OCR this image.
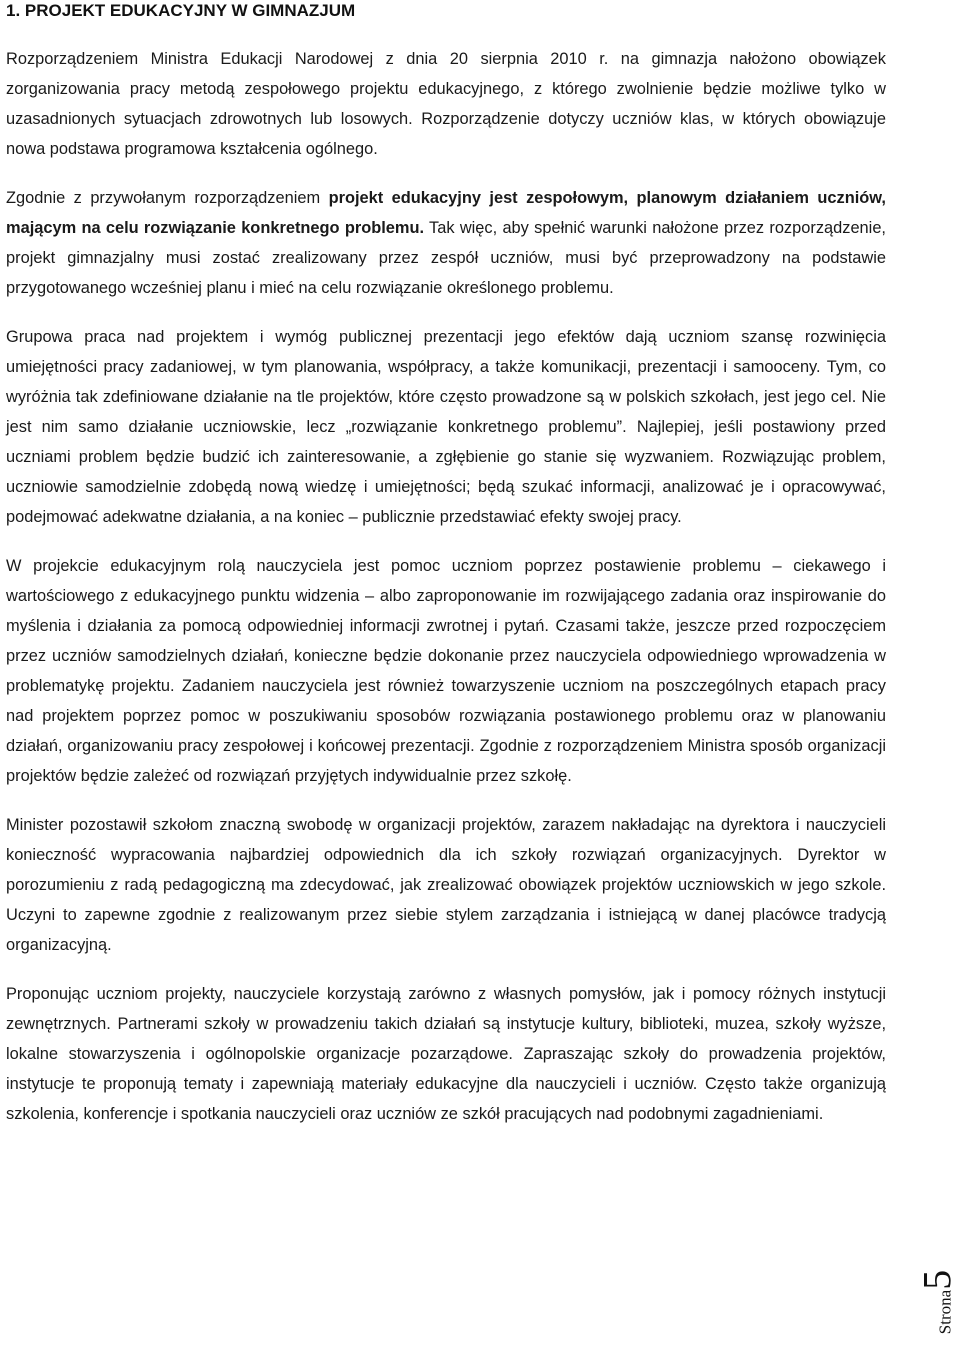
1. PROJEKT EDUKACYJNY W GIMNAZJUM

Rozporządzeniem Ministra Edukacji Narodowej z dnia 20 sierpnia 2010 r. na gimnazja nałożono obowiązek zorganizowania pracy metodą zespołowego projektu edukacyjnego, z którego zwolnienie będzie możliwe tylko w uzasadnionych sytuacjach zdrowotnych lub losowych. Rozporządzenie dotyczy uczniów klas, w których obowiązuje nowa podstawa programowa kształcenia ogólnego.

Zgodnie z przywołanym rozporządzeniem projekt edukacyjny jest zespołowym, planowym działaniem uczniów, mającym na celu rozwiązanie konkretnego problemu. Tak więc, aby spełnić warunki nałożone przez rozporządzenie, projekt gimnazjalny musi zostać zrealizowany przez zespół uczniów, musi być przeprowadzony na podstawie przygotowanego wcześniej planu i mieć na celu rozwiązanie określonego problemu.

Grupowa praca nad projektem i wymóg publicznej prezentacji jego efektów dają uczniom szansę rozwinięcia umiejętności pracy zadaniowej, w tym planowania, współpracy, a także komunikacji, prezentacji i samooceny. Tym, co wyróżnia tak zdefiniowane działanie na tle projektów, które często prowadzone są w polskich szkołach, jest jego cel. Nie jest nim samo działanie uczniowskie, lecz „rozwiązanie konkretnego problemu”. Najlepiej, jeśli postawiony przed uczniami problem będzie budzić ich zainteresowanie, a zgłębienie go stanie się wyzwaniem. Rozwiązując problem, uczniowie samodzielnie zdobędą nową wiedzę i umiejętności; będą szukać informacji, analizować je i opracowywać, podejmować adekwatne działania, a na koniec – publicznie przedstawiać efekty swojej pracy.

W projekcie edukacyjnym rolą nauczyciela jest pomoc uczniom poprzez postawienie problemu – ciekawego i wartościowego z edukacyjnego punktu widzenia – albo zaproponowanie im rozwijającego zadania oraz inspirowanie do myślenia i działania za pomocą odpowiedniej informacji zwrotnej i pytań. Czasami także, jeszcze przed rozpoczęciem przez uczniów samodzielnych działań, konieczne będzie dokonanie przez nauczyciela odpowiedniego wprowadzenia w problematykę projektu. Zadaniem nauczyciela jest również towarzyszenie uczniom na poszczególnych etapach pracy nad projektem poprzez pomoc w poszukiwaniu sposobów rozwiązania postawionego problemu oraz w planowaniu działań, organizowaniu pracy zespołowej i końcowej prezentacji. Zgodnie z rozporządzeniem Ministra sposób organizacji projektów będzie zależeć od rozwiązań przyjętych indywidualnie przez szkołę.

Minister pozostawił szkołom znaczną swobodę w organizacji projektów, zarazem nakładając na dyrektora i nauczycieli konieczność wypracowania najbardziej odpowiednich dla ich szkoły rozwiązań organizacyjnych. Dyrektor w porozumieniu z radą pedagogiczną ma zdecydować, jak zrealizować obowiązek projektów uczniowskich w jego szkole. Uczyni to zapewne zgodnie z realizowanym przez siebie stylem zarządzania i istniejącą w danej placówce tradycją organizacyjną.

Proponując uczniom projekty, nauczyciele korzystają zarówno z własnych pomysłów, jak i pomocy różnych instytucji zewnętrznych. Partnerami szkoły w prowadzeniu takich działań są instytucje kultury, biblioteki, muzea, szkoły wyższe, lokalne stowarzyszenia i ogólnopolskie organizacje pozarządowe. Zapraszając szkoły do prowadzenia projektów, instytucje te proponują tematy i zapewniają materiały edukacyjne dla nauczycieli i uczniów. Często także organizują szkolenia, konferencje i spotkania nauczycieli oraz uczniów ze szkół pracujących nad podobnymi zagadnieniami.

Strona5
